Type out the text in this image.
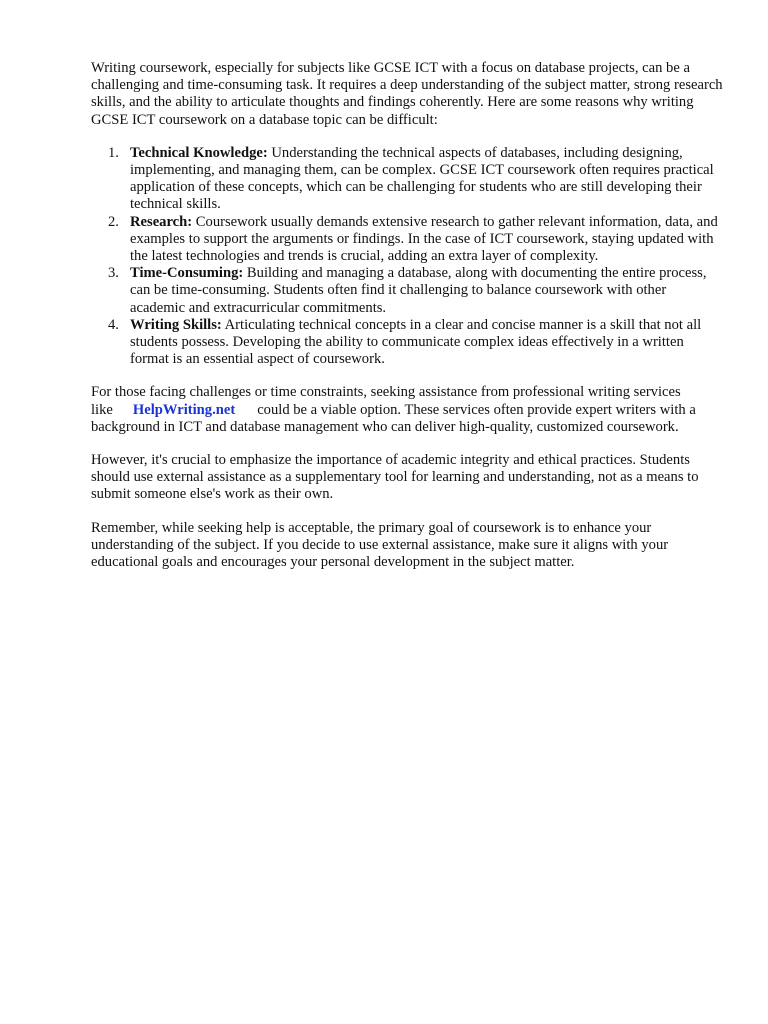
Writing coursework, especially for subjects like GCSE ICT with a focus on database projects, can be a challenging and time-consuming task. It requires a deep understanding of the subject matter, strong research skills, and the ability to articulate thoughts and findings coherently. Here are some reasons why writing GCSE ICT coursework on a database topic can be difficult:

1. Technical Knowledge: Understanding the technical aspects of databases, including designing, implementing, and managing them, can be complex. GCSE ICT coursework often requires practical application of these concepts, which can be challenging for students who are still developing their technical skills.
2. Research: Coursework usually demands extensive research to gather relevant information, data, and examples to support the arguments or findings. In the case of ICT coursework, staying updated with the latest technologies and trends is crucial, adding an extra layer of complexity.
3. Time-Consuming: Building and managing a database, along with documenting the entire process, can be time-consuming. Students often find it challenging to balance coursework with other academic and extracurricular commitments.
4. Writing Skills: Articulating technical concepts in a clear and concise manner is a skill that not all students possess. Developing the ability to communicate complex ideas effectively in a written format is an essential aspect of coursework.

For those facing challenges or time constraints, seeking assistance from professional writing services like HelpWriting.net could be a viable option. These services often provide expert writers with a background in ICT and database management who can deliver high-quality, customized coursework.

However, it's crucial to emphasize the importance of academic integrity and ethical practices. Students should use external assistance as a supplementary tool for learning and understanding, not as a means to submit someone else's work as their own.

Remember, while seeking help is acceptable, the primary goal of coursework is to enhance your understanding of the subject. If you decide to use external assistance, make sure it aligns with your educational goals and encourages your personal development in the subject matter.
